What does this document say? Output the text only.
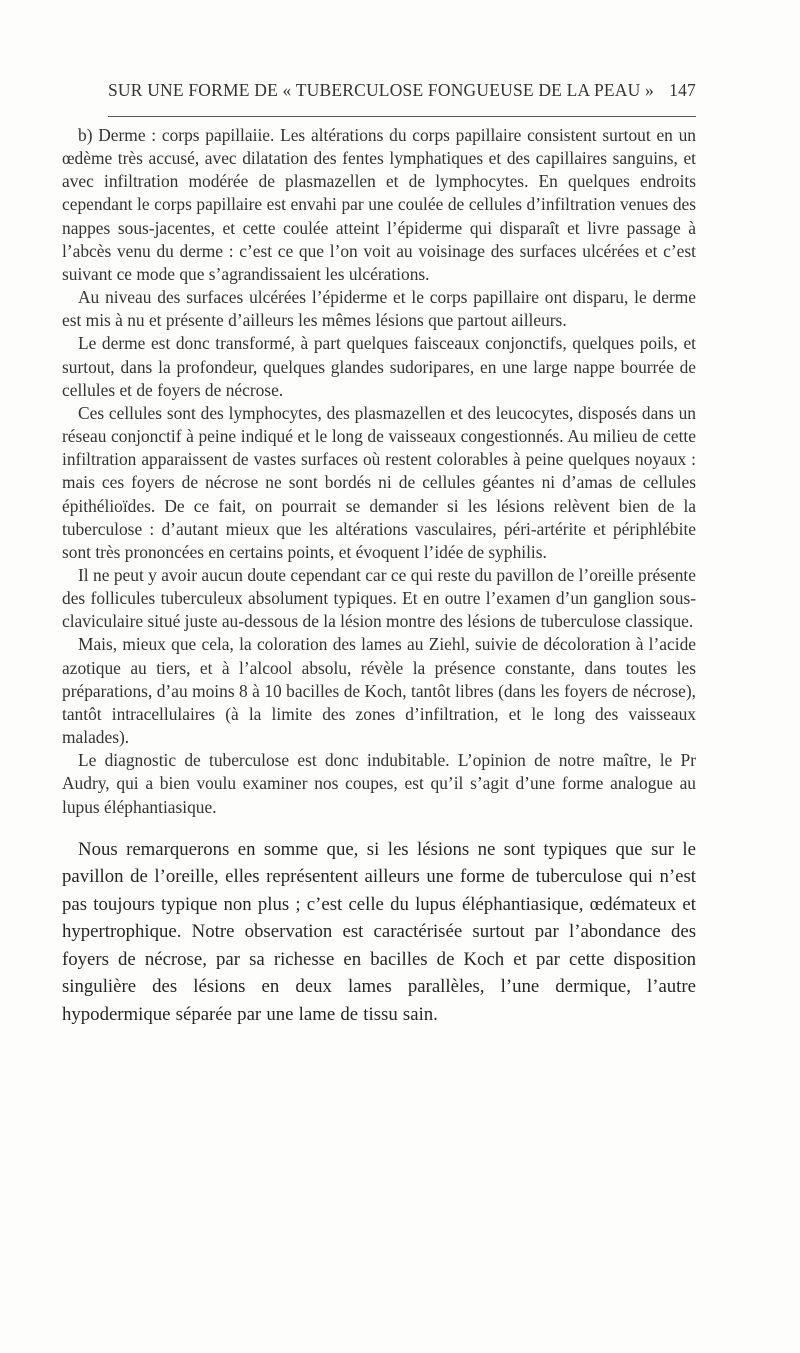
SUR UNE FORME DE « TUBERCULOSE FONGUEUSE DE LA PEAU » 147

b) Derme : corps papillaiie. Les altérations du corps papillaire consistent surtout en un œdème très accusé, avec dilatation des fentes lymphatiques et des capillaires sanguins, et avec infiltration modérée de plasmazellen et de lymphocytes. En quelques endroits cependant le corps papillaire est envahi par une coulée de cellules d’infiltration venues des nappes sous-jacentes, et cette coulée atteint l’épiderme qui disparaît et livre passage à l’abcès venu du derme : c’est ce que l’on voit au voisinage des surfaces ulcérées et c’est suivant ce mode que s’agrandissaient les ulcérations.

Au niveau des surfaces ulcérées l’épiderme et le corps papillaire ont disparu, le derme est mis à nu et présente d’ailleurs les mêmes lésions que partout ailleurs.

Le derme est donc transformé, à part quelques faisceaux conjonctifs, quelques poils, et surtout, dans la profondeur, quelques glandes sudoripares, en une large nappe bourrée de cellules et de foyers de nécrose.

Ces cellules sont des lymphocytes, des plasmazellen et des leucocytes, disposés dans un réseau conjonctif à peine indiqué et le long de vaisseaux congestionnés. Au milieu de cette infiltration apparaissent de vastes surfaces où restent colorables à peine quelques noyaux : mais ces foyers de nécrose ne sont bordés ni de cellules géantes ni d’amas de cellules épithélioïdes. De ce fait, on pourrait se demander si les lésions relèvent bien de la tuberculose : d’autant mieux que les altérations vasculaires, péri-artérite et périphlébite sont très prononcées en certains points, et évoquent l’idée de syphilis.

Il ne peut y avoir aucun doute cependant car ce qui reste du pavillon de l’oreille présente des follicules tuberculeux absolument typiques. Et en outre l’examen d’un ganglion sous-claviculaire situé juste au-dessous de la lésion montre des lésions de tuberculose classique.

Mais, mieux que cela, la coloration des lames au Ziehl, suivie de décoloration à l’acide azotique au tiers, et à l’alcool absolu, révèle la présence constante, dans toutes les préparations, d’au moins 8 à 10 bacilles de Koch, tantôt libres (dans les foyers de nécrose), tantôt intracellulaires (à la limite des zones d’infiltration, et le long des vaisseaux malades).

Le diagnostic de tuberculose est donc indubitable. L’opinion de notre maître, le Pr Audry, qui a bien voulu examiner nos coupes, est qu’il s’agit d’une forme analogue au lupus éléphantiasique.

Nous remarquerons en somme que, si les lésions ne sont typiques que sur le pavillon de l’oreille, elles représentent ailleurs une forme de tuberculose qui n’est pas toujours typique non plus ; c’est celle du lupus éléphantiasique, œdémateux et hypertrophique. Notre observation est caractérisée surtout par l’abondance des foyers de nécrose, par sa richesse en bacilles de Koch et par cette disposition singulière des lésions en deux lames parallèles, l’une dermique, l’autre hypodermique séparée par une lame de tissu sain.
